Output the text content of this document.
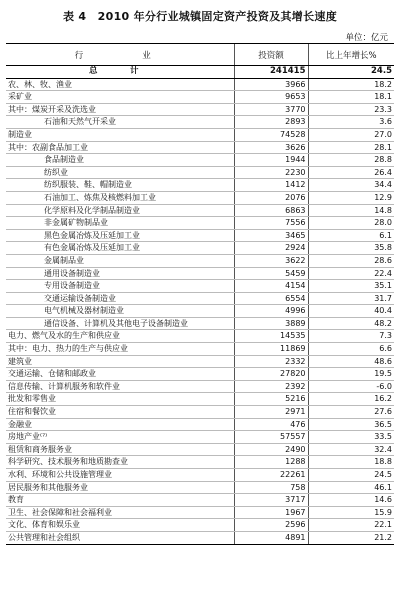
表 4　2010 年分行业城镇固定资产投资及其增长速度
单位：亿元
行　　业	投资额	比上年增长%
总　计	241415	24.5
农、林、牧、渔业	3966	18.2
采矿业	9653	18.1
其中：煤炭开采及洗选业	3770	23.3
石油和天然气开采业	2893	3.6
制造业	74528	27.0
其中：农副食品加工业	3626	28.1
食品制造业	1944	28.8
纺织业	2230	26.4
纺织服装、鞋、帽制造业	1412	34.4
石油加工、炼焦及核燃料加工业	2076	12.9
化学原料及化学制品制造业	6863	14.8
非金属矿物制品业	7556	28.0
黑色金属冶炼及压延加工业	3465	6.1
有色金属冶炼及压延加工业	2924	35.8
金属制品业	3622	28.6
通用设备制造业	5459	22.4
专用设备制造业	4154	35.1
交通运输设备制造业	6554	31.7
电气机械及器材制造业	4996	40.4
通信设备、计算机及其他电子设备制造业	3889	48.2
电力、燃气及水的生产和供应业	14535	7.3
其中：电力、热力的生产与供应业	11869	6.6
建筑业	2332	48.6
交通运输、仓储和邮政业	27820	19.5
信息传输、计算机服务和软件业	2392	-6.0
批发和零售业	5216	16.2
住宿和餐饮业	2971	27.6
金融业	476	36.5
房地产业⁽⁷⁾	57557	33.5
租赁和商务服务业	2490	32.4
科学研究、技术服务和地质勘查业	1288	18.8
水利、环境和公共设施管理业	22261	24.5
居民服务和其他服务业	758	46.1
教育	3717	14.6
卫生、社会保障和社会福利业	1967	15.9
文化、体育和娱乐业	2596	22.1
公共管理和社会组织	4891	21.2
